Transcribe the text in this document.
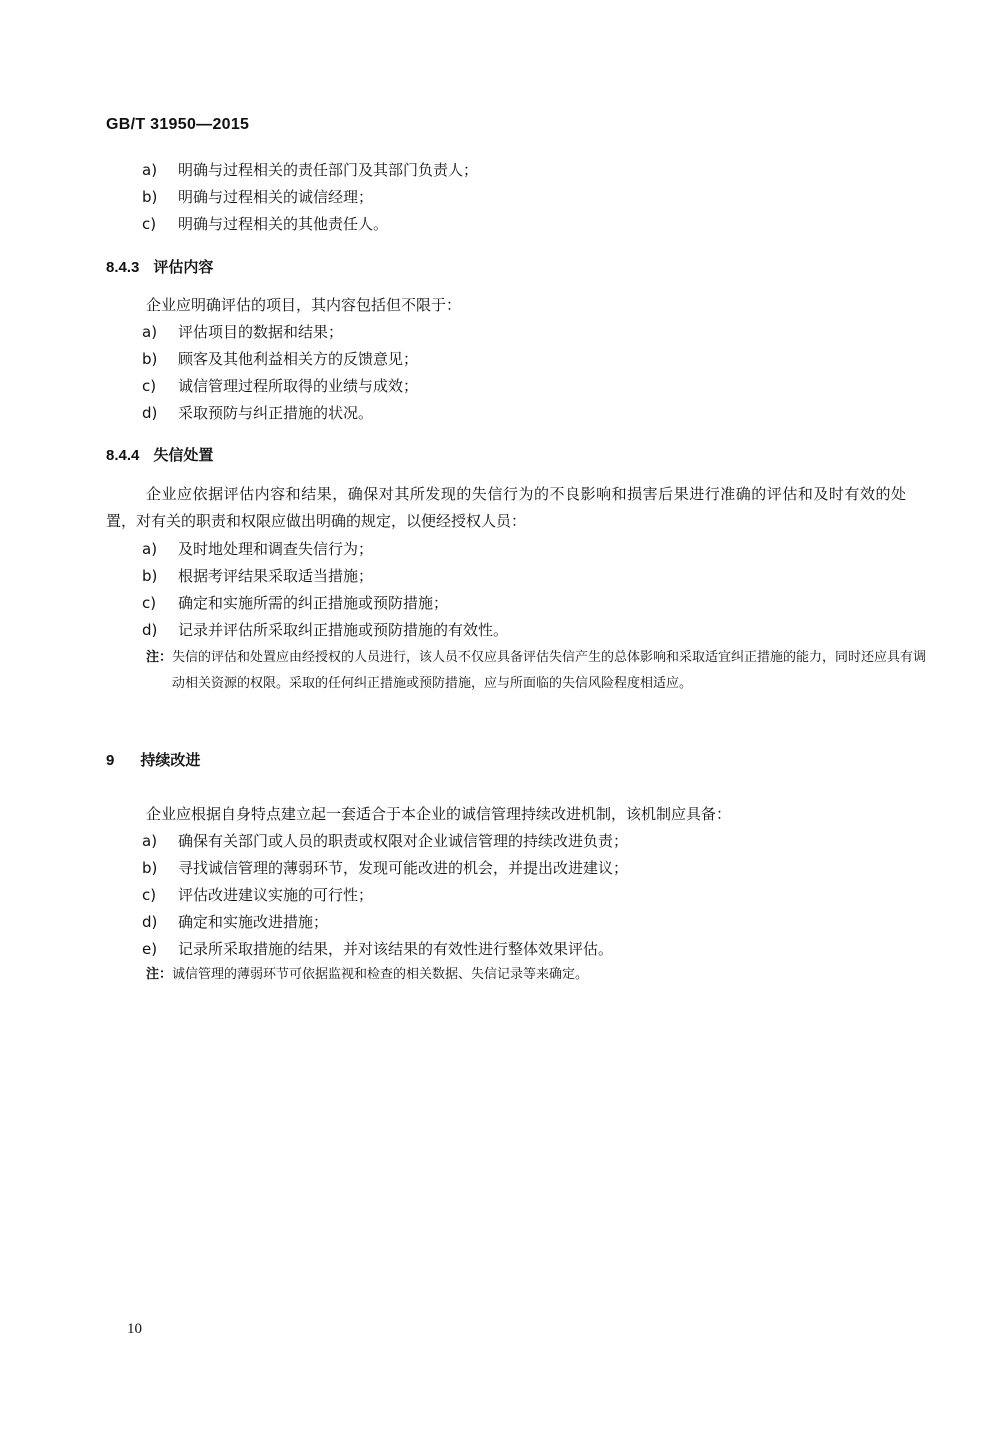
GB/T 31950—2015
a) 明确与过程相关的责任部门及其部门负责人；
b) 明确与过程相关的诚信经理；
c) 明确与过程相关的其他责任人。
8.4.3 评估内容
企业应明确评估的项目，其内容包括但不限于：
a) 评估项目的数据和结果；
b) 顾客及其他利益相关方的反馈意见；
c) 诚信管理过程所取得的业绩与成效；
d) 采取预防与纠正措施的状况。
8.4.4 失信处置
企业应依据评估内容和结果，确保对其所发现的失信行为的不良影响和损害后果进行准确的评估和及时有效的处置，对有关的职责和权限应做出明确的规定，以便经授权人员：
a) 及时地处理和调查失信行为；
b) 根据考评结果采取适当措施；
c) 确定和实施所需的纠正措施或预防措施；
d) 记录并评估所采取纠正措施或预防措施的有效性。
注：失信的评估和处置应由经授权的人员进行，该人员不仅应具备评估失信产生的总体影响和采取适宜纠正措施的能力，同时还应具有调动相关资源的权限。采取的任何纠正措施或预防措施，应与所面临的失信风险程度相适应。
9 持续改进
企业应根据自身特点建立起一套适合于本企业的诚信管理持续改进机制，该机制应具备：
a) 确保有关部门或人员的职责或权限对企业诚信管理的持续改进负责；
b) 寻找诚信管理的薄弱环节，发现可能改进的机会，并提出改进建议；
c) 评估改进建议实施的可行性；
d) 确定和实施改进措施；
e) 记录所采取措施的结果，并对该结果的有效性进行整体效果评估。
注：诚信管理的薄弱环节可依据监视和检查的相关数据、失信记录等来确定。
10
